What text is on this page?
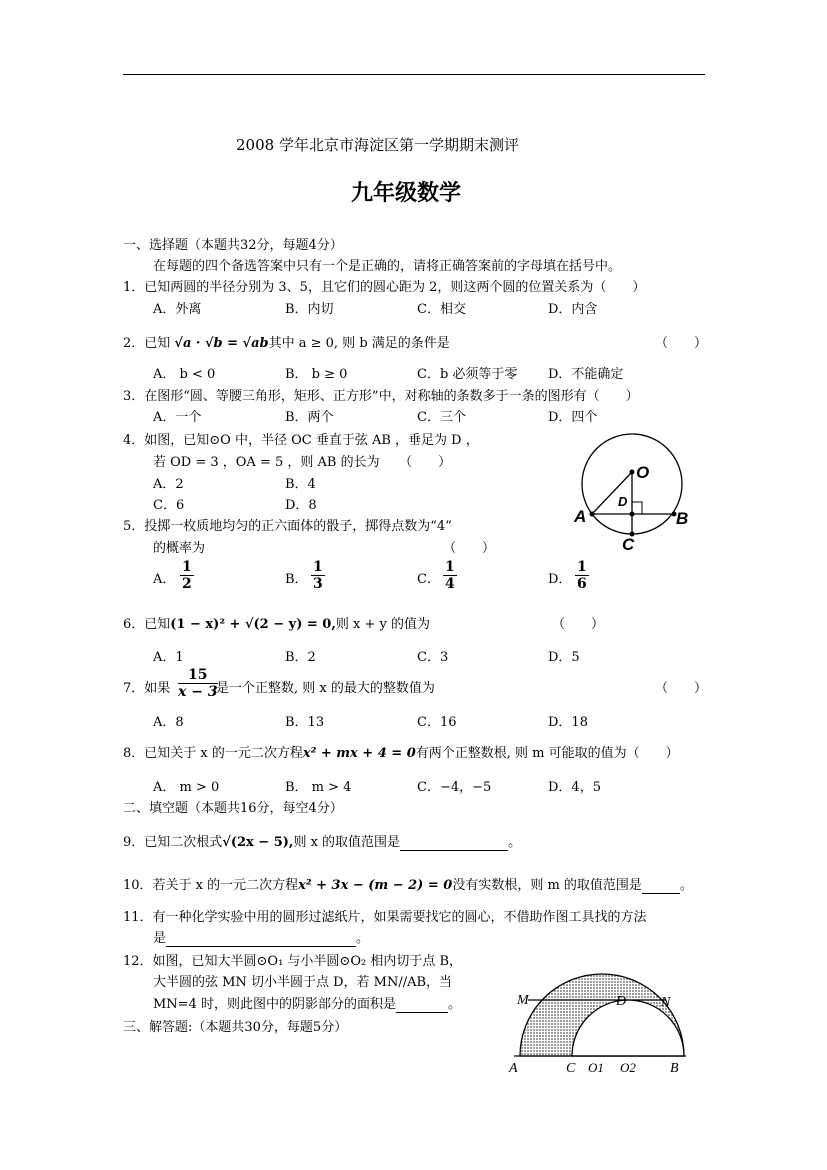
2008 学年北京市海淀区第一学期期末测评
九年级数学
一、选择题（本题共32分，每题4分）
在每题的四个备选答案中只有一个是正确的，请将正确答案前的字母填在括号中。
1．已知两圆的半径分别为 3、5，且它们的圆心距为 2，则这两个圆的位置关系为（　　）
A．外离	B．内切	C．相交	D．内含
2．已知 √a · √b = √ab其中 a ≥ 0, 则 b 满足的条件是	（　　）
A． b < 0	B． b ≥ 0	C．b 必须等于零 D．不能确定
3．在图形“圆、等腰三角形，矩形、正方形”中，对称轴的条数多于一条的图形有（　　）
A．一个	B．两个	C．三个	D．四个
4．如图，已知⊙O 中，半径 OC 垂直于弦 AB ，垂足为 D ，
若 OD = 3 ，OA = 5 ，则 AB 的长为　　（　　）
A．2	B．4
C．6	D．8
O
D
A	B
C
5．投掷一枚质地均匀的正六面体的骰子，掷得点数为“4”
的概率为	（　　）
A． $\frac{1}{2}$	B． $\frac{1}{3}$	C． $\frac{1}{4}$	D． $\frac{1}{6}$
6．已知(1 − x)² + √(2 − y) = 0,则 x + y 的值为	（　　）
A．1	B．2	C．3	D．5
7．如果 $\frac{15}{x - 3}$
是一个正整数, 则 x 的最大的整数值为	（　　）
A．8	B．13	C．16	D．18
8．已知关于 x 的一元二次方程x² + mx + 4 = 0有两个正整数根, 则 m 可能取的值为（　　）
A． m > 0	B． m > 4	C．−4，−5	D．4，5
二、填空题（本题共16分，每空4分）
9．已知二次根式√(2x − 5),则 x 的取值范围是	。
10．若关于 x 的一元二次方程x² + 3x − (m − 2) = 0没有实数根，则 m 的取值范围是	。
11．有一种化学实验中用的圆形过滤纸片，如果需要找它的圆心，不借助作图工具找的方法
是	。
12．如图，已知大半圆⊙O₁ 与小半圆⊙O₂ 相内切于点 B，
大半圆的弦 MN 切小半圆于点 D，若 MN//AB，当
MN=4 时，则此图中的阴影部分的面积是	。
三、解答题:（本题共30分，每题5分）
M	D N
A	C O1 O2 B
